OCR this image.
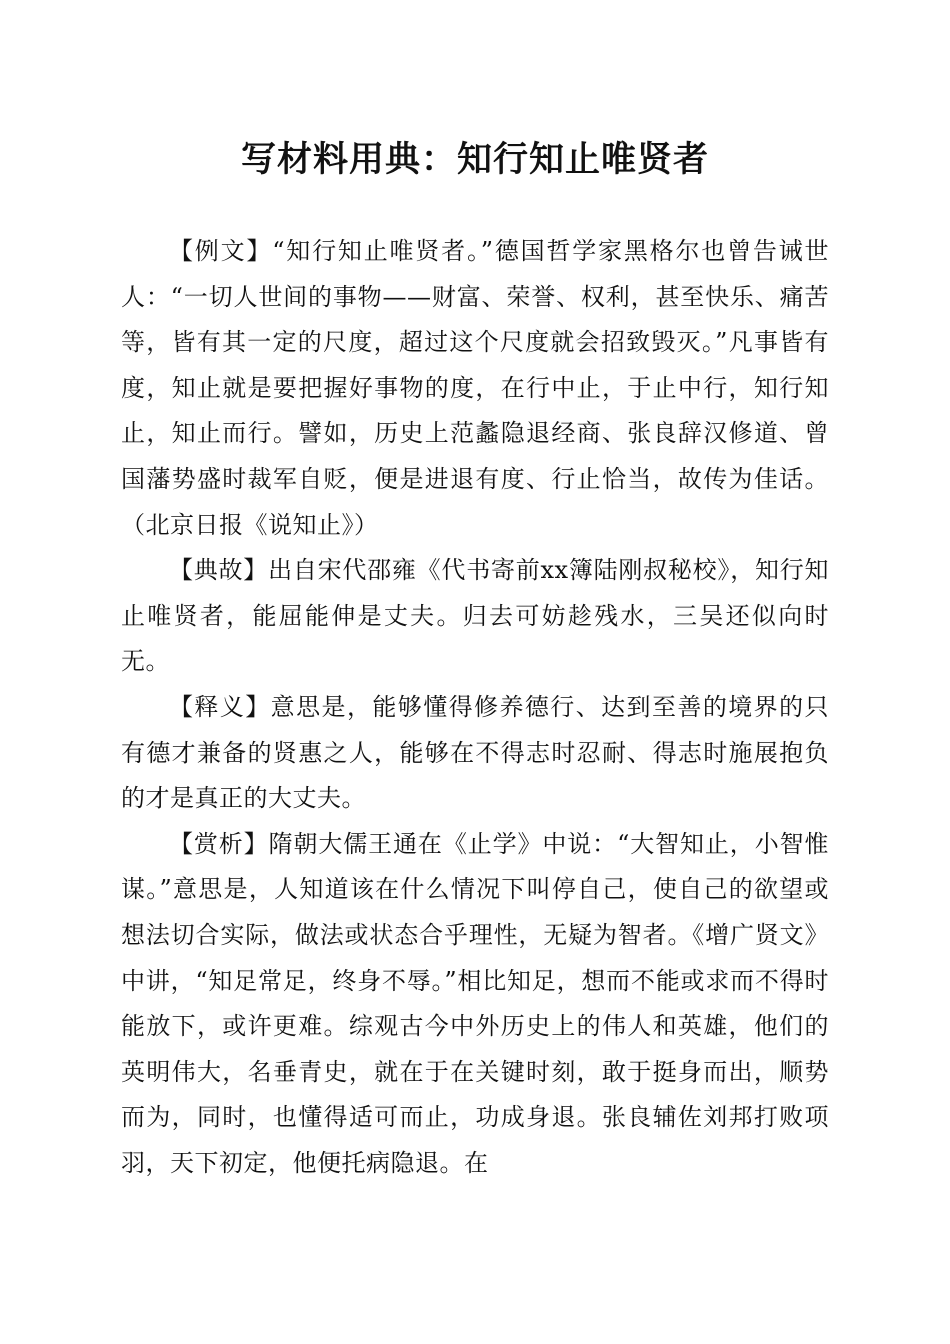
写材料用典：知行知止唯贤者

【例文】“知行知止唯贤者。”德国哲学家黑格尔也曾告诫世人：“一切人世间的事物——财富、荣誉、权利，甚至快乐、痛苦等，皆有其一定的尺度，超过这个尺度就会招致毁灭。”凡事皆有度，知止就是要把握好事物的度，在行中止，于止中行，知行知止，知止而行。譬如，历史上范蠡隐退经商、张良辞汉修道、曾国藩势盛时裁军自贬，便是进退有度、行止恰当，故传为佳话。（北京日报《说知止》）

【典故】出自宋代邵雍《代书寄前xx簿陆刚叔秘校》，知行知止唯贤者，能屈能伸是丈夫。归去可妨趁残水，三吴还似向时无。

【释义】意思是，能够懂得修养德行、达到至善的境界的只有德才兼备的贤惠之人，能够在不得志时忍耐、得志时施展抱负的才是真正的大丈夫。

【赏析】隋朝大儒王通在《止学》中说：“大智知止，小智惟谋。”意思是，人知道该在什么情况下叫停自己，使自己的欲望或想法切合实际，做法或状态合乎理性，无疑为智者。《增广贤文》中讲，“知足常足，终身不辱。”相比知足，想而不能或求而不得时能放下，或许更难。综观古今中外历史上的伟人和英雄，他们的英明伟大，名垂青史，就在于在关键时刻，敢于挺身而出，顺势而为，同时，也懂得适可而止，功成身退。张良辅佐刘邦打败项羽，天下初定，他便托病隐退。在
